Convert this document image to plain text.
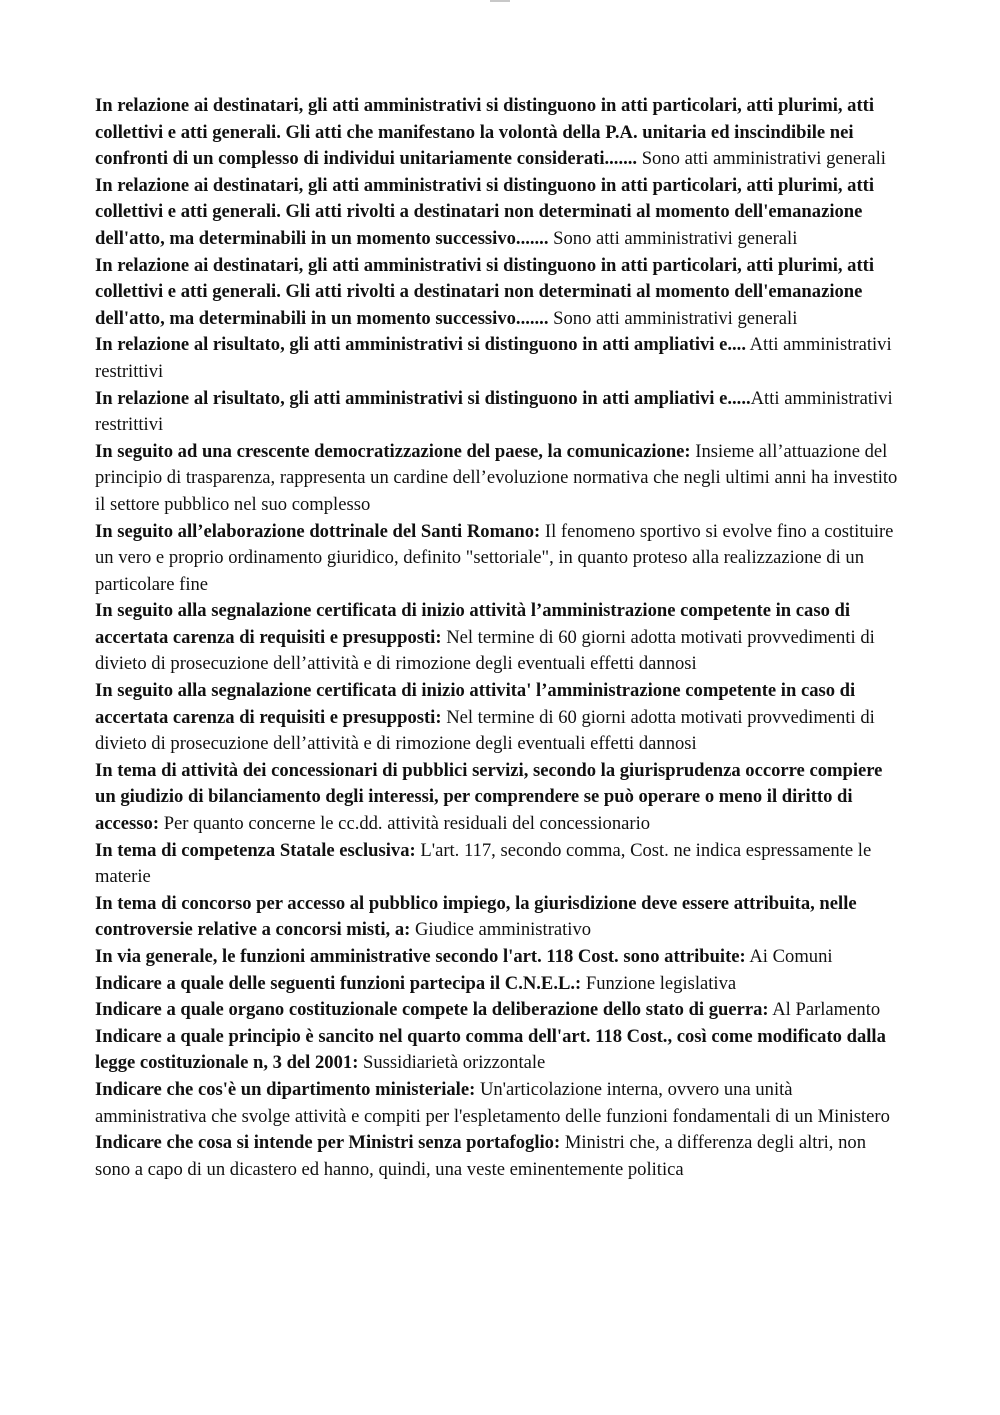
In relazione ai destinatari, gli atti amministrativi si distinguono in atti particolari, atti plurimi, atti collettivi e atti generali. Gli atti che manifestano la volontà della P.A. unitaria ed inscindibile nei confronti di un complesso di individui unitariamente considerati....... Sono atti amministrativi generali

In relazione ai destinatari, gli atti amministrativi si distinguono in atti particolari, atti plurimi, atti collettivi e atti generali. Gli atti rivolti a destinatari non determinati al momento dell'emanazione dell'atto, ma determinabili in un momento successivo....... Sono atti amministrativi generali

In relazione ai destinatari, gli atti amministrativi si distinguono in atti particolari, atti plurimi, atti collettivi e atti generali. Gli atti rivolti a destinatari non determinati al momento dell'emanazione dell'atto, ma determinabili in un momento successivo....... Sono atti amministrativi generali

In relazione al risultato, gli atti amministrativi si distinguono in atti ampliativi e.... Atti amministrativi restrittivi

In relazione al risultato, gli atti amministrativi si distinguono in atti ampliativi e.....Atti amministrativi restrittivi

In seguito ad una crescente democratizzazione del paese, la comunicazione: Insieme all’attuazione del principio di trasparenza, rappresenta un cardine dell’evoluzione normativa che negli ultimi anni ha investito il settore pubblico nel suo complesso

In seguito all’elaborazione dottrinale del Santi Romano: Il fenomeno sportivo si evolve fino a costituire un vero e proprio ordinamento giuridico, definito "settoriale", in quanto proteso alla realizzazione di un particolare fine

In seguito alla segnalazione certificata di inizio attività l’amministrazione competente in caso di accertata carenza di requisiti e presupposti: Nel termine di 60 giorni adotta motivati provvedimenti di divieto di prosecuzione dell’attività e di rimozione degli eventuali effetti dannosi

In seguito alla segnalazione certificata di inizio attivita' l’amministrazione competente in caso di accertata carenza di requisiti e presupposti: Nel termine di 60 giorni adotta motivati provvedimenti di divieto di prosecuzione dell’attività e di rimozione degli eventuali effetti dannosi

In tema di attività dei concessionari di pubblici servizi, secondo la giurisprudenza occorre compiere un giudizio di bilanciamento degli interessi, per comprendere se può operare o meno il diritto di accesso: Per quanto concerne le cc.dd. attività residuali del concessionario

In tema di competenza Statale esclusiva: L'art. 117, secondo comma, Cost. ne indica espressamente le materie

In tema di concorso per accesso al pubblico impiego, la giurisdizione deve essere attribuita, nelle controversie relative a concorsi misti, a: Giudice amministrativo

In via generale, le funzioni amministrative secondo l'art. 118 Cost. sono attribuite: Ai Comuni

Indicare a quale delle seguenti funzioni partecipa il C.N.E.L.: Funzione legislativa

Indicare a quale organo costituzionale compete la deliberazione dello stato di guerra: Al Parlamento

Indicare a quale principio è sancito nel quarto comma dell'art. 118 Cost., così come modificato dalla legge costituzionale n, 3 del 2001: Sussidiarietà orizzontale

Indicare che cos'è un dipartimento ministeriale: Un'articolazione interna, ovvero una unità amministrativa che svolge attività e compiti per l'espletamento delle funzioni fondamentali di un Ministero

Indicare che cosa si intende per Ministri senza portafoglio: Ministri che, a differenza degli altri, non sono a capo di un dicastero ed hanno, quindi, una veste eminentemente politica
